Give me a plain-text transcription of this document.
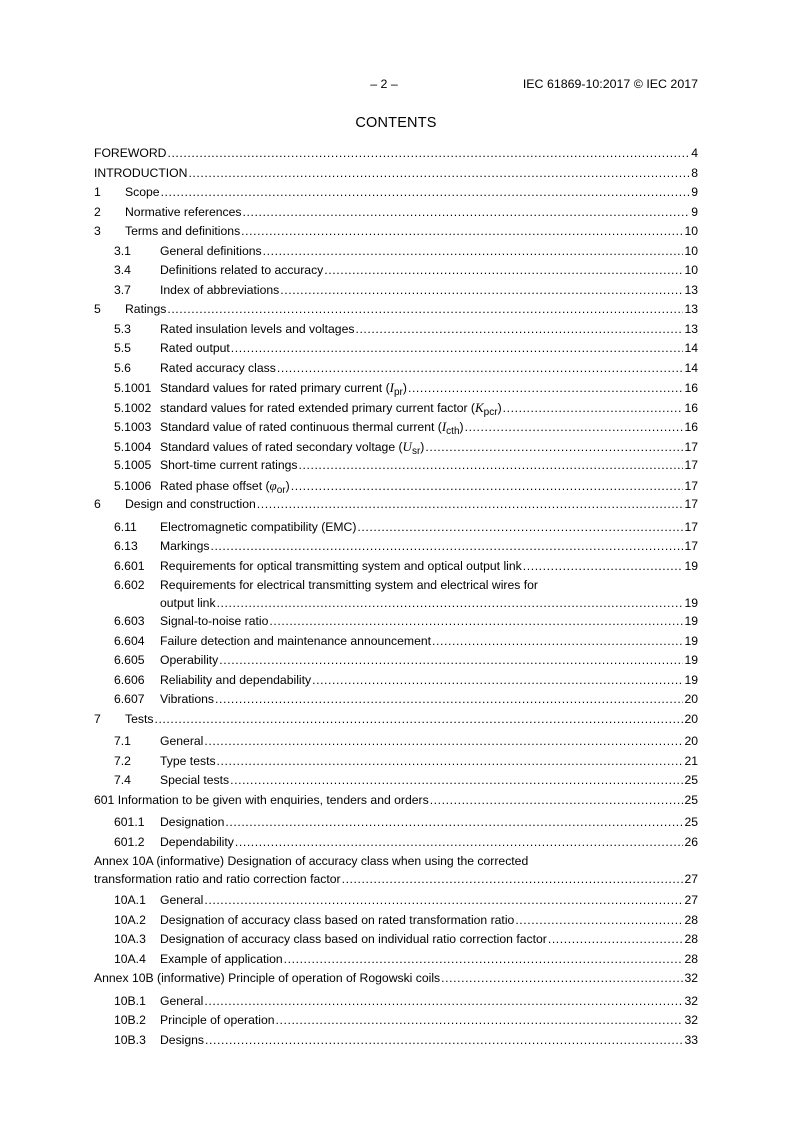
– 2 –	IEC 61869-10:2017 © IEC 2017
CONTENTS
FOREWORD .....	4
INTRODUCTION .....	8
1	Scope .....	9
2	Normative references .....	9
3	Terms and definitions .....	10
3.1	General definitions .....	10
3.4	Definitions related to accuracy .....	10
3.7	Index of abbreviations .....	13
5	Ratings .....	13
5.3	Rated insulation levels and voltages .....	13
5.5	Rated output .....	14
5.6	Rated accuracy class .....	14
5.1001 Standard values for rated primary current $(I_{pr})$ .....	16
5.1002 standard values for rated extended primary current factor $(K_{pcr})$ .....	16
5.1003 Standard value of rated continuous thermal current $(I_{cth})$ .....	16
5.1004 Standard values of rated secondary voltage $(U_{sr})$ .....	17
5.1005 Short-time current ratings .....	17
5.1006 Rated phase offset $(\varphi_{or})$ .....	17
6	Design and construction .....	17
6.11	Electromagnetic compatibility (EMC) .....	17
6.13	Markings .....	17
6.601	Requirements for optical transmitting system and optical output link .....	19
6.602 Requirements for electrical transmitting system and electrical wires for
output link .....	19
6.603	Signal-to-noise ratio .....	19
6.604	Failure detection and maintenance announcement .....	19
6.605	Operability .....	19
6.606	Reliability and dependability .....	19
6.607	Vibrations .....	20
7	Tests .....	20
7.1	General .....	20
7.2	Type tests .....	21
7.4	Special tests .....	25
601 Information to be given with enquiries, tenders and orders .....	25
601.1	Designation .....	25
601.2	Dependability .....	26
Annex 10A (informative) Designation of accuracy class when using the corrected
transformation ratio and ratio correction factor .....	27
10A.1	General .....	27
10A.2	Designation of accuracy class based on rated transformation ratio .....	28
10A.3	Designation of accuracy class based on individual ratio correction factor .....	28
10A.4	Example of application .....	28
Annex 10B (informative) Principle of operation of Rogowski coils .....	32
10B.1	General .....	32
10B.2	Principle of operation .....	32
10B.3	Designs .....	33
